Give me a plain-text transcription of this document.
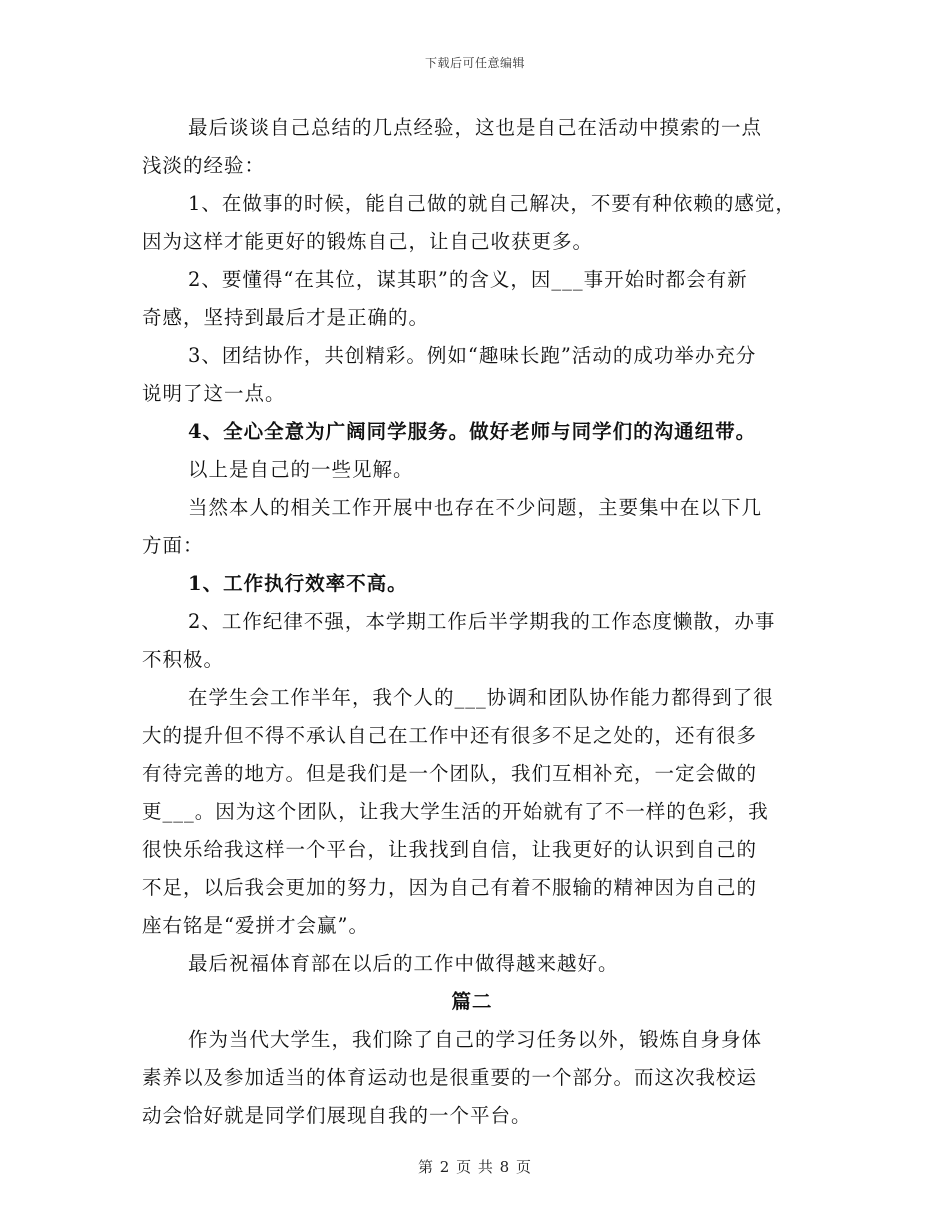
下载后可任意编辑
最后谈谈自己总结的几点经验，这也是自己在活动中摸索的一点
浅淡的经验：
1、在做事的时候，能自己做的就自己解决，不要有种依赖的感觉，
因为这样才能更好的锻炼自己，让自己收获更多。
2、要懂得“在其位，谋其职”的含义，因___事开始时都会有新
奇感，坚持到最后才是正确的。
3、团结协作，共创精彩。例如“趣味长跑”活动的成功举办充分
说明了这一点。
4、全心全意为广阔同学服务。做好老师与同学们的沟通纽带。
以上是自己的一些见解。
当然本人的相关工作开展中也存在不少问题，主要集中在以下几
方面：
1、工作执行效率不高。
2、工作纪律不强，本学期工作后半学期我的工作态度懒散，办事
不积极。
在学生会工作半年，我个人的___协调和团队协作能力都得到了很
大的提升但不得不承认自己在工作中还有很多不足之处的，还有很多
有待完善的地方。但是我们是一个团队，我们互相补充，一定会做的
更___。因为这个团队，让我大学生活的开始就有了不一样的色彩，我
很快乐给我这样一个平台，让我找到自信，让我更好的认识到自己的
不足，以后我会更加的努力，因为自己有着不服输的精神因为自己的
座右铭是“爱拼才会赢”。
最后祝福体育部在以后的工作中做得越来越好。
篇二
作为当代大学生，我们除了自己的学习任务以外，锻炼自身身体
素养以及参加适当的体育运动也是很重要的一个部分。而这次我校运
动会恰好就是同学们展现自我的一个平台。
第 2 页 共 8 页
